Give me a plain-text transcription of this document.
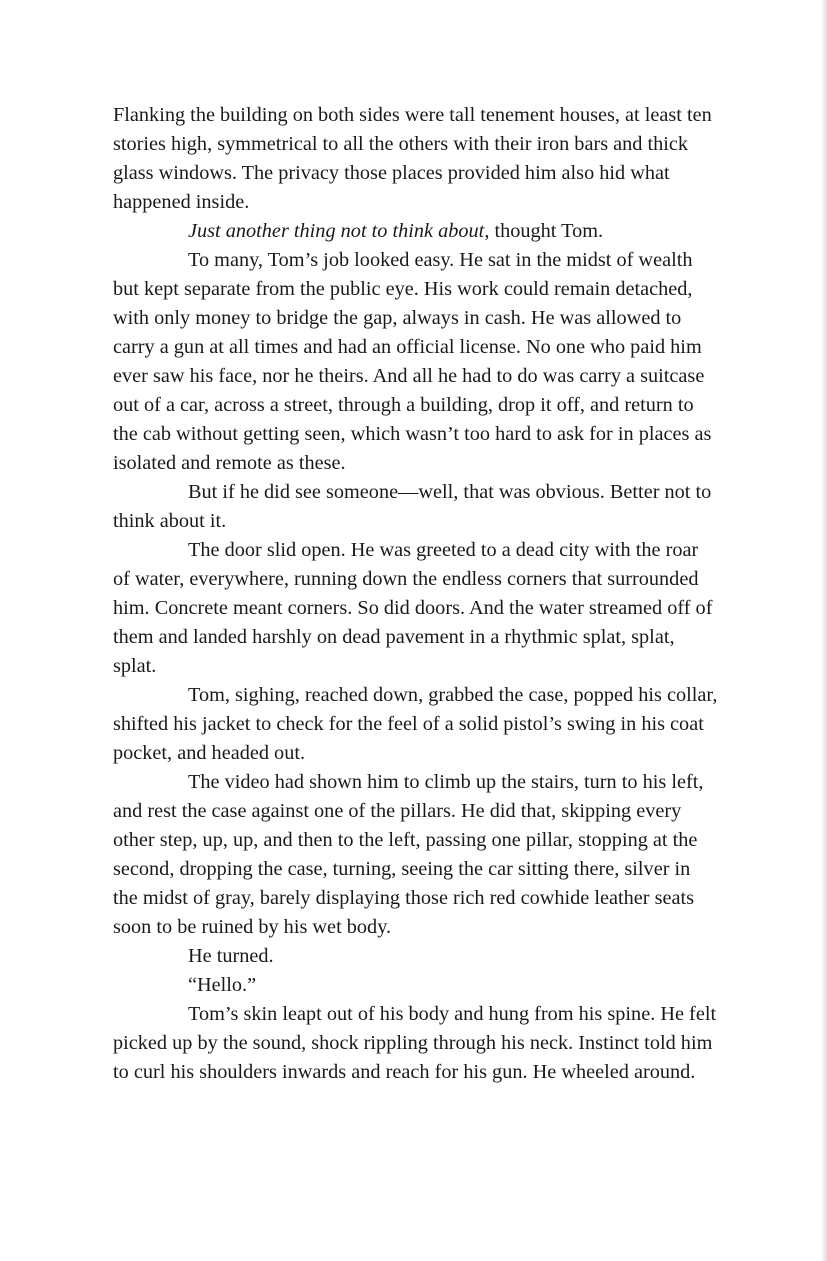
Flanking the building on both sides were tall tenement houses, at least ten stories high, symmetrical to all the others with their iron bars and thick glass windows. The privacy those places provided him also hid what happened inside.

Just another thing not to think about, thought Tom.

To many, Tom’s job looked easy. He sat in the midst of wealth but kept separate from the public eye. His work could remain detached, with only money to bridge the gap, always in cash. He was allowed to carry a gun at all times and had an official license. No one who paid him ever saw his face, nor he theirs. And all he had to do was carry a suitcase out of a car, across a street, through a building, drop it off, and return to the cab without getting seen, which wasn’t too hard to ask for in places as isolated and remote as these.

But if he did see someone—well, that was obvious. Better not to think about it.

The door slid open. He was greeted to a dead city with the roar of water, everywhere, running down the endless corners that surrounded him. Concrete meant corners. So did doors. And the water streamed off of them and landed harshly on dead pavement in a rhythmic splat, splat, splat.

Tom, sighing, reached down, grabbed the case, popped his collar, shifted his jacket to check for the feel of a solid pistol’s swing in his coat pocket, and headed out.

The video had shown him to climb up the stairs, turn to his left, and rest the case against one of the pillars. He did that, skipping every other step, up, up, and then to the left, passing one pillar, stopping at the second, dropping the case, turning, seeing the car sitting there, silver in the midst of gray, barely displaying those rich red cowhide leather seats soon to be ruined by his wet body.

He turned.

“Hello.”

Tom’s skin leapt out of his body and hung from his spine. He felt picked up by the sound, shock rippling through his neck. Instinct told him to curl his shoulders inwards and reach for his gun. He wheeled around.
